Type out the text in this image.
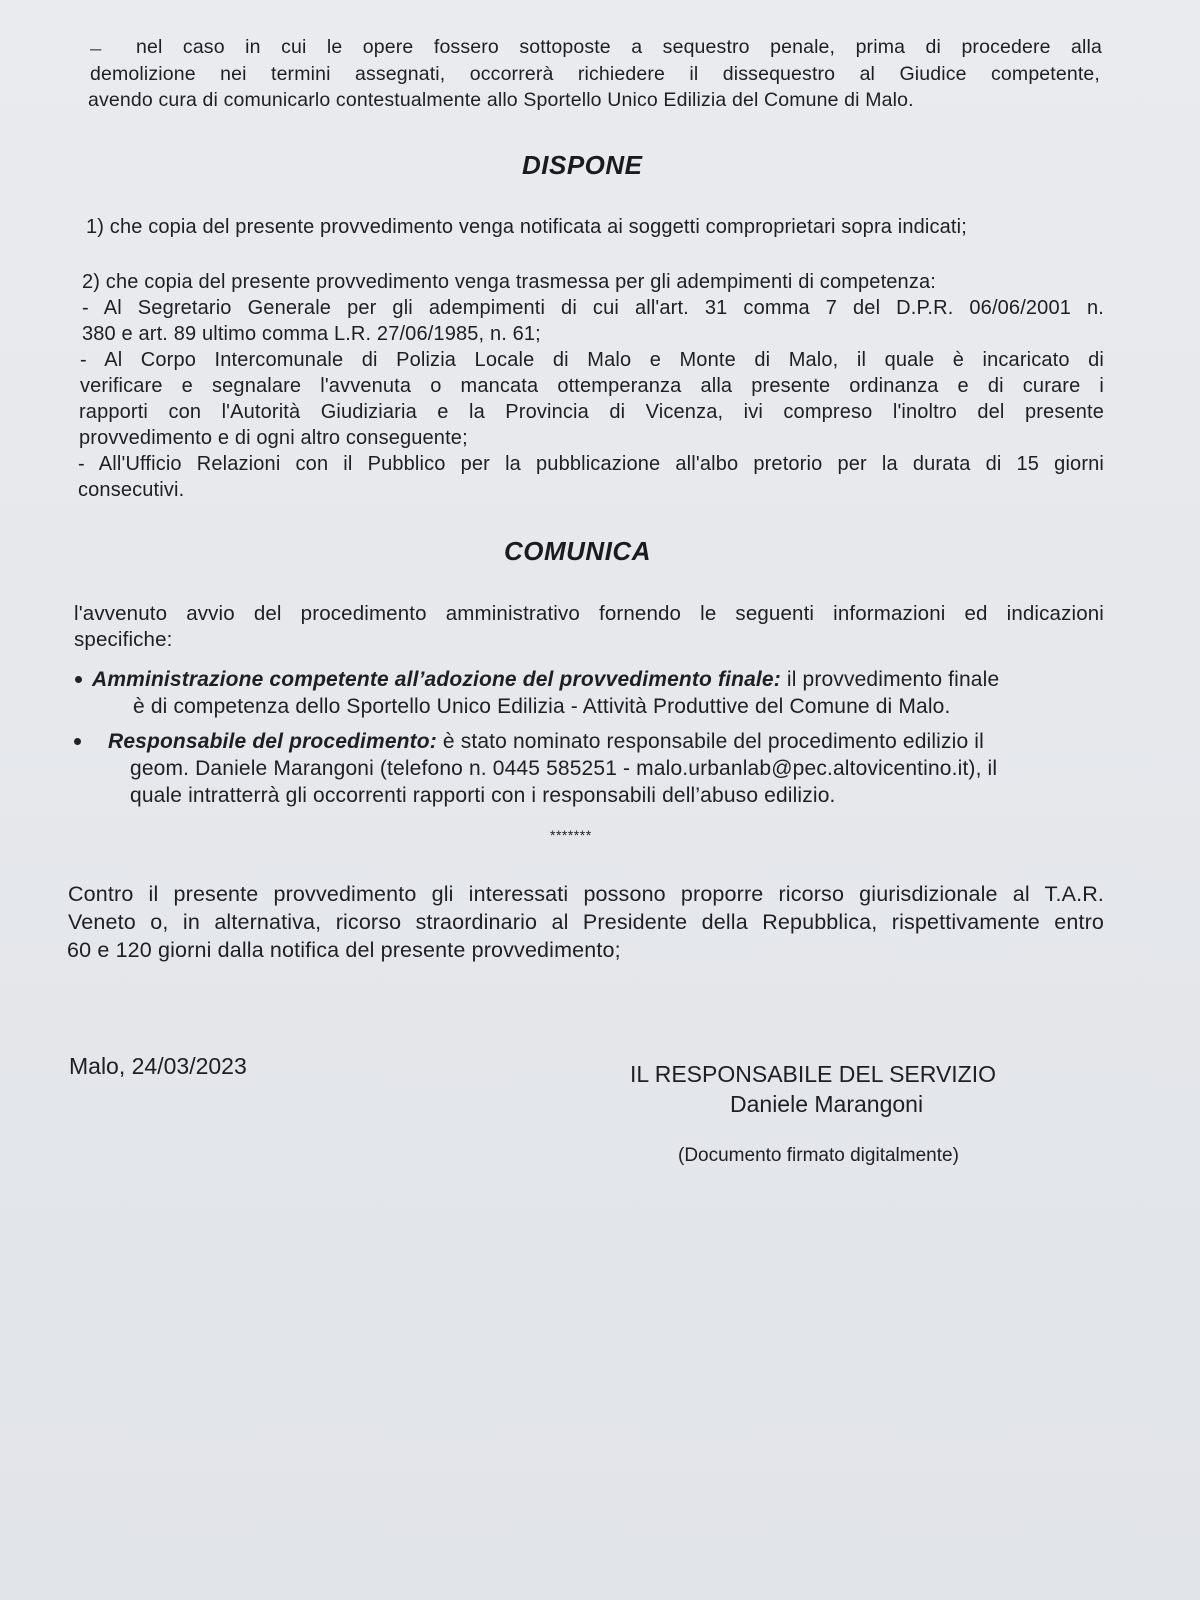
– nel caso in cui le opere fossero sottoposte a sequestro penale, prima di procedere alla
demolizione nei termini assegnati, occorrerà richiedere il dissequestro al Giudice competente,
avendo cura di comunicarlo contestualmente allo Sportello Unico Edilizia del Comune di Malo.
DISPONE
1) che copia del presente provvedimento venga notificata ai soggetti comproprietari sopra indicati;
2) che copia del presente provvedimento venga trasmessa per gli adempimenti di competenza:
- Al Segretario Generale per gli adempimenti di cui all'art. 31 comma 7 del D.P.R. 06/06/2001 n.
380 e art. 89 ultimo comma L.R. 27/06/1985, n. 61;
- Al Corpo Intercomunale di Polizia Locale di Malo e Monte di Malo, il quale è incaricato di
verificare e segnalare l'avvenuta o mancata ottemperanza alla presente ordinanza e di curare i
rapporti con l'Autorità Giudiziaria e la Provincia di Vicenza, ivi compreso l'inoltro del presente
provvedimento e di ogni altro conseguente;
- All'Ufficio Relazioni con il Pubblico per la pubblicazione all'albo pretorio per la durata di 15 giorni
consecutivi.
COMUNICA
l'avvenuto avvio del procedimento amministrativo fornendo le seguenti informazioni ed indicazioni
specifiche:
Amministrazione competente all’adozione del provvedimento finale: il provvedimento finale
è di competenza dello Sportello Unico Edilizia - Attività Produttive del Comune di Malo.
Responsabile del procedimento: è stato nominato responsabile del procedimento edilizio il
geom. Daniele Marangoni (telefono n. 0445 585251 - malo.urbanlab@pec.altovicentino.it), il
quale intratterrà gli occorrenti rapporti con i responsabili dell’abuso edilizio.
*******
Contro il presente provvedimento gli interessati possono proporre ricorso giurisdizionale al T.A.R.
Veneto o, in alternativa, ricorso straordinario al Presidente della Repubblica, rispettivamente entro
60 e 120 giorni dalla notifica del presente provvedimento;
Malo, 24/03/2023	IL RESPONSABILE DEL SERVIZIO
Daniele Marangoni
(Documento firmato digitalmente)
